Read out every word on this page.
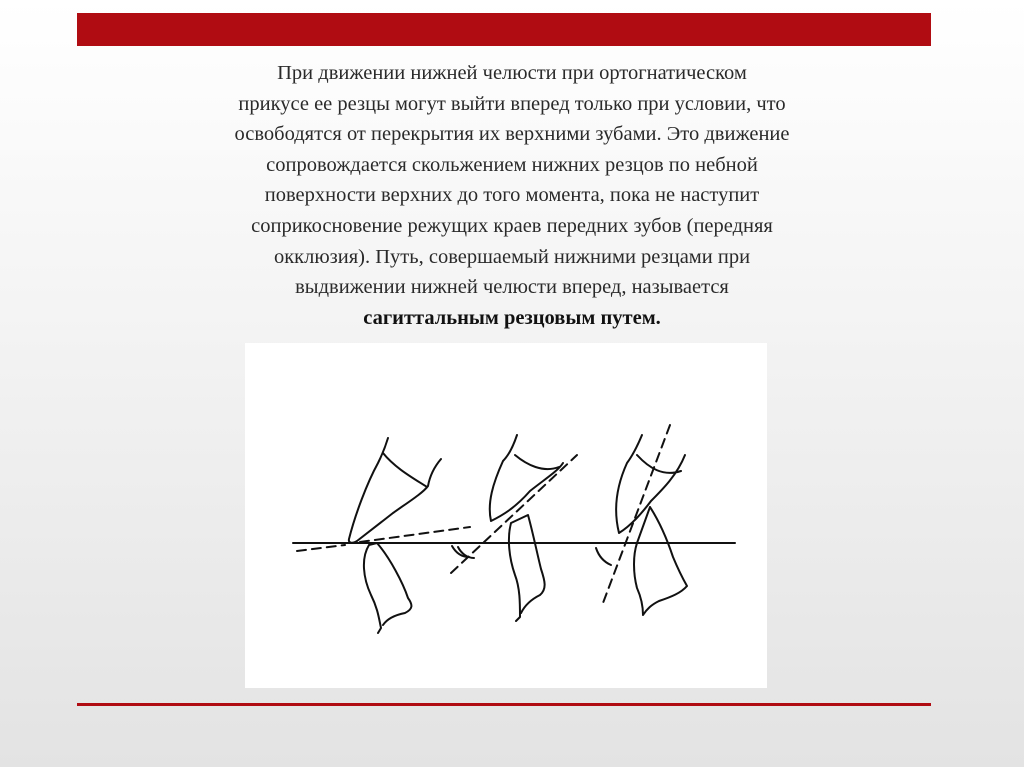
При движении нижней челюсти при ортогнатическом
прикусе ее резцы могут выйти вперед только при условии, что
освободятся от перекрытия их верхними зубами. Это движение
сопровождается скольжением нижних резцов по небной
поверхности верхних до того момента, пока не наступит
соприкосновение режущих краев передних зубов (передняя
окклюзия). Путь, совершаемый нижними резцами при
выдвижении нижней челюсти вперед, называется
сагиттальным резцовым путем.
